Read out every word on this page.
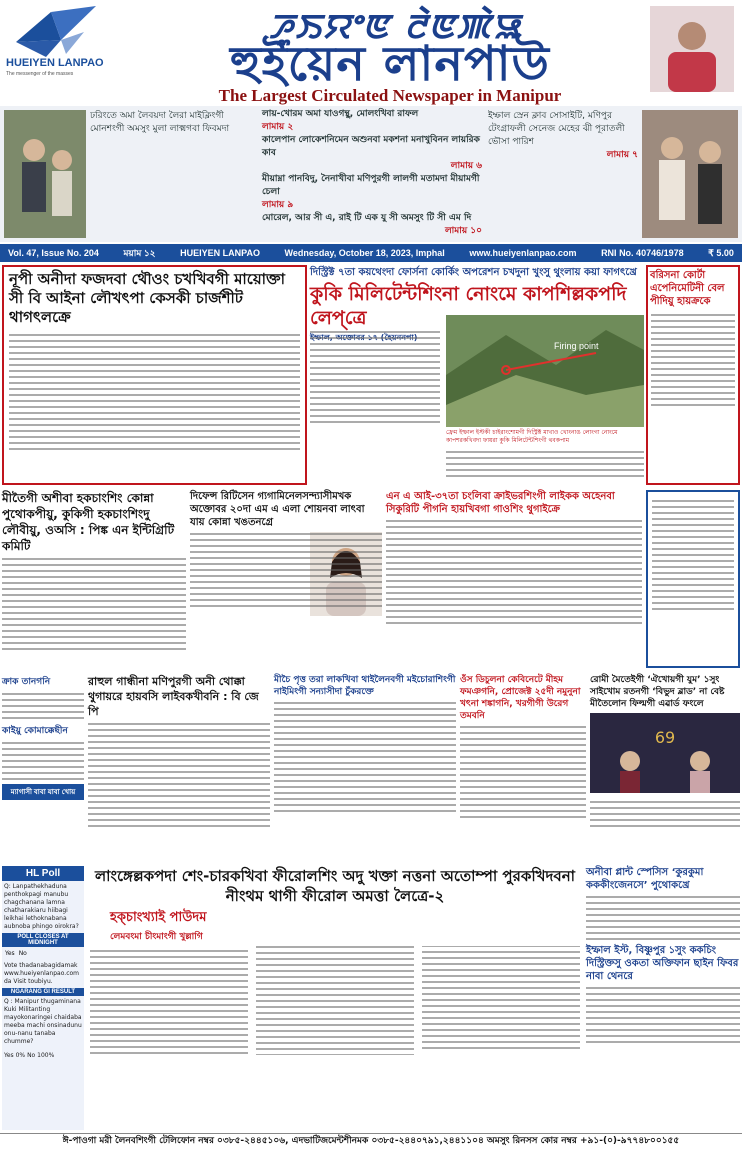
HUEIYEN LANPAO
The messenger of the masses
ꯍꯨꯏꯌꯦꯟ ꯂꯥꯟꯄꯥꯎ
হুইয়েন লানপাউ
The Largest Circulated Newspaper in Manipur
ঢরিংতে অমা লৈবয়দা লৈরা মাইক্লিংগী মোনশংগী অমসুং মুলা লাক্মগবা ফিবমদা
লায়-খোরম অমা যাওগন্থু, মোলংখিবা রাফল
লামায় ২
কালেপান লোকেশনিমেন অশুনবা মকশনা মনাখুবিনন লায়রিক কাব
লামায় ৬
মীয়াম্না পানবিদু, নৈনাখীবা মণিপুরগী লালগী মতামদা মীয়ামগী চেলা
লামায় ৯
মোরেল, আর সী এ, রাই টি এক যু সী অমসুং টি সী এম দি
লামায় ১০
ইম্ফাল স্রেন ক্লাব সোসাইটি, মণিপুর টেংগ্রাফলী সেনেজ মেহের ঝী পূরাতলী ভৌসা পারিশ
লামায় ৭
Vol. 47, Issue No. 204	ময়াম ১২	HUEIYEN LANPAO	Wednesday, October 18, 2023, Imphal	www.hueiyenlanpao.com	RNI No. 40746/1978	₹ 5.00
নূপী অনীদা ফজদবা থৌওং চখখিবগী মায়োক্তা সী বি আইনা লৌখৎপা কেসকী চার্জশীট থাগৎলক্রে
দিস্ট্রিক্ট ৭তা কয়থেংদা ফোর্সনা কোর্কিং অপরেশন চখদুনা খুংসু থুংলায় কয়া ফাগৎখ্রে
কুকি মিলিটেন্টশিংনা নোংমে কাপশিল্লকপদি লেপ্‌ত্রে
Firing point
ফ্রেম ইম্ফাল ইস্টকী চাইরাংশোমগী দিস্ট্রিক্ট মাখাও খোংনাঙ লোংগা নোংমে কাপশরকখিবদা ফায়রা কুকি মিলিটেন্টশিংগী থবকপাম
বরিসনা কোর্টা এপেনিমেটিনী বেল পীদিয়ু হায়ক্রকে
মীতৈগী অশীবা হকচাংশিং কোন্না পুথোকপীয়ু, কুকিগী হকচাংশিংদু লৌবীয়ু, ওঅসি : পিঙ্ক এন ইন্টিগ্রিটি কমিটি
দিফেন্স রিটিসেন গ্যগামিনেলসন্দ্যাসীমখক অক্তোবর ২০দা এম এ এলা শোয়নবা লাৎবা যায় কোন্না খঙতনগ্রে
এন এ আই-৩৭তা চংলিবা ক্রাইভরশিংগী লাইকক অহেনবা সিকুরিটি পীগনি হায়খিবগা গাওশিং থুগাইক্রে
ক্রাক তানগনি
কাইয়ু কোমাক্কেছীন
ম্যাগাসী বাবা যাবা খোয়
রাহুল গান্ধীনা মণিপুরগী অনী থোক্কা থুগায়রে হায়বসি লাইবকখীবনি : বি জে পি
মীচৈ পৃত্ত তরা লাকখিবা থাইলৈনবগী মইচোরাশিংগী নাইমিংগী সন্যাসীদা চুঁকরক্তে
ওঁস ডিচুলনা কেবিনেটে মীহম ফমঞগনি, প্রোজেক্ট ২৫দী নমুনুনা খৎনা শঙ্কাগনি, খরগীগী উরেগ তমবনি
রোমী মৈতেইগী ‘ঐখোয়গী যুম’ ১সুং সাইখোম রতনগী ‘বিভুদ ব্লাড’ না বেষ্ট মীতৈলোন ফিল্মগী এৱার্ড ফংলে
69
HL Poll
Q: Lanpathekhaduna penthokpagi manubu chagchanana lamna chatharakiaru hiibagi leikhai lethoknabana aubnoba phingo oirokra?
POLL CLOSES AT MIDNIGHT
Yes No
Vote thadanabagidamak www.hueiyenlanpao.com da Visit toubiyu.
NGARANG GI RESULT
Q : Manipur thugaminana Kuki Militanting mayokonaringei chaidaba meeba machi onsinadunu onu-nanu tanaba chumme?
Yes 0% No 100%
লাংঙ্গেল্লকপদা শেং-চারকখিবা ফীরোলশিং অদু খক্তা নত্তনা অতোম্পা পুরকখিদবনা নীংথম থাগী ফীরোল অমত্তা লৈত্রে-২
হক্চাংখ্যাই পাউদম
লেমবংমা চীংমাংগী খুল্লাগি
অনীবা প্লান্ট স্পেসিস ‘কুরকুমা কককীংজেনসে’ পুথোকখ্রে
ইম্ফাল ইস্ট, বিষ্ণুপুর ১সুং ককচিং দিস্ট্রিক্তসু ওকতা অক্তিফান ছাইন ফিবর নাবা থেনরে
ঈ-পাওগা মরী লৈনবশিংগী টেলিফোন নম্বর ০৩৮৫-২৪৪৫১০৬, এদভাটিজমেন্টশীনমক ০৩৮৫-২৪৪০৭৯১,২৪৪১১০৪ অমসুং রিনসস কোর নম্বর +৯১-(০)-৯৭৭৪৮০০১৫৫
